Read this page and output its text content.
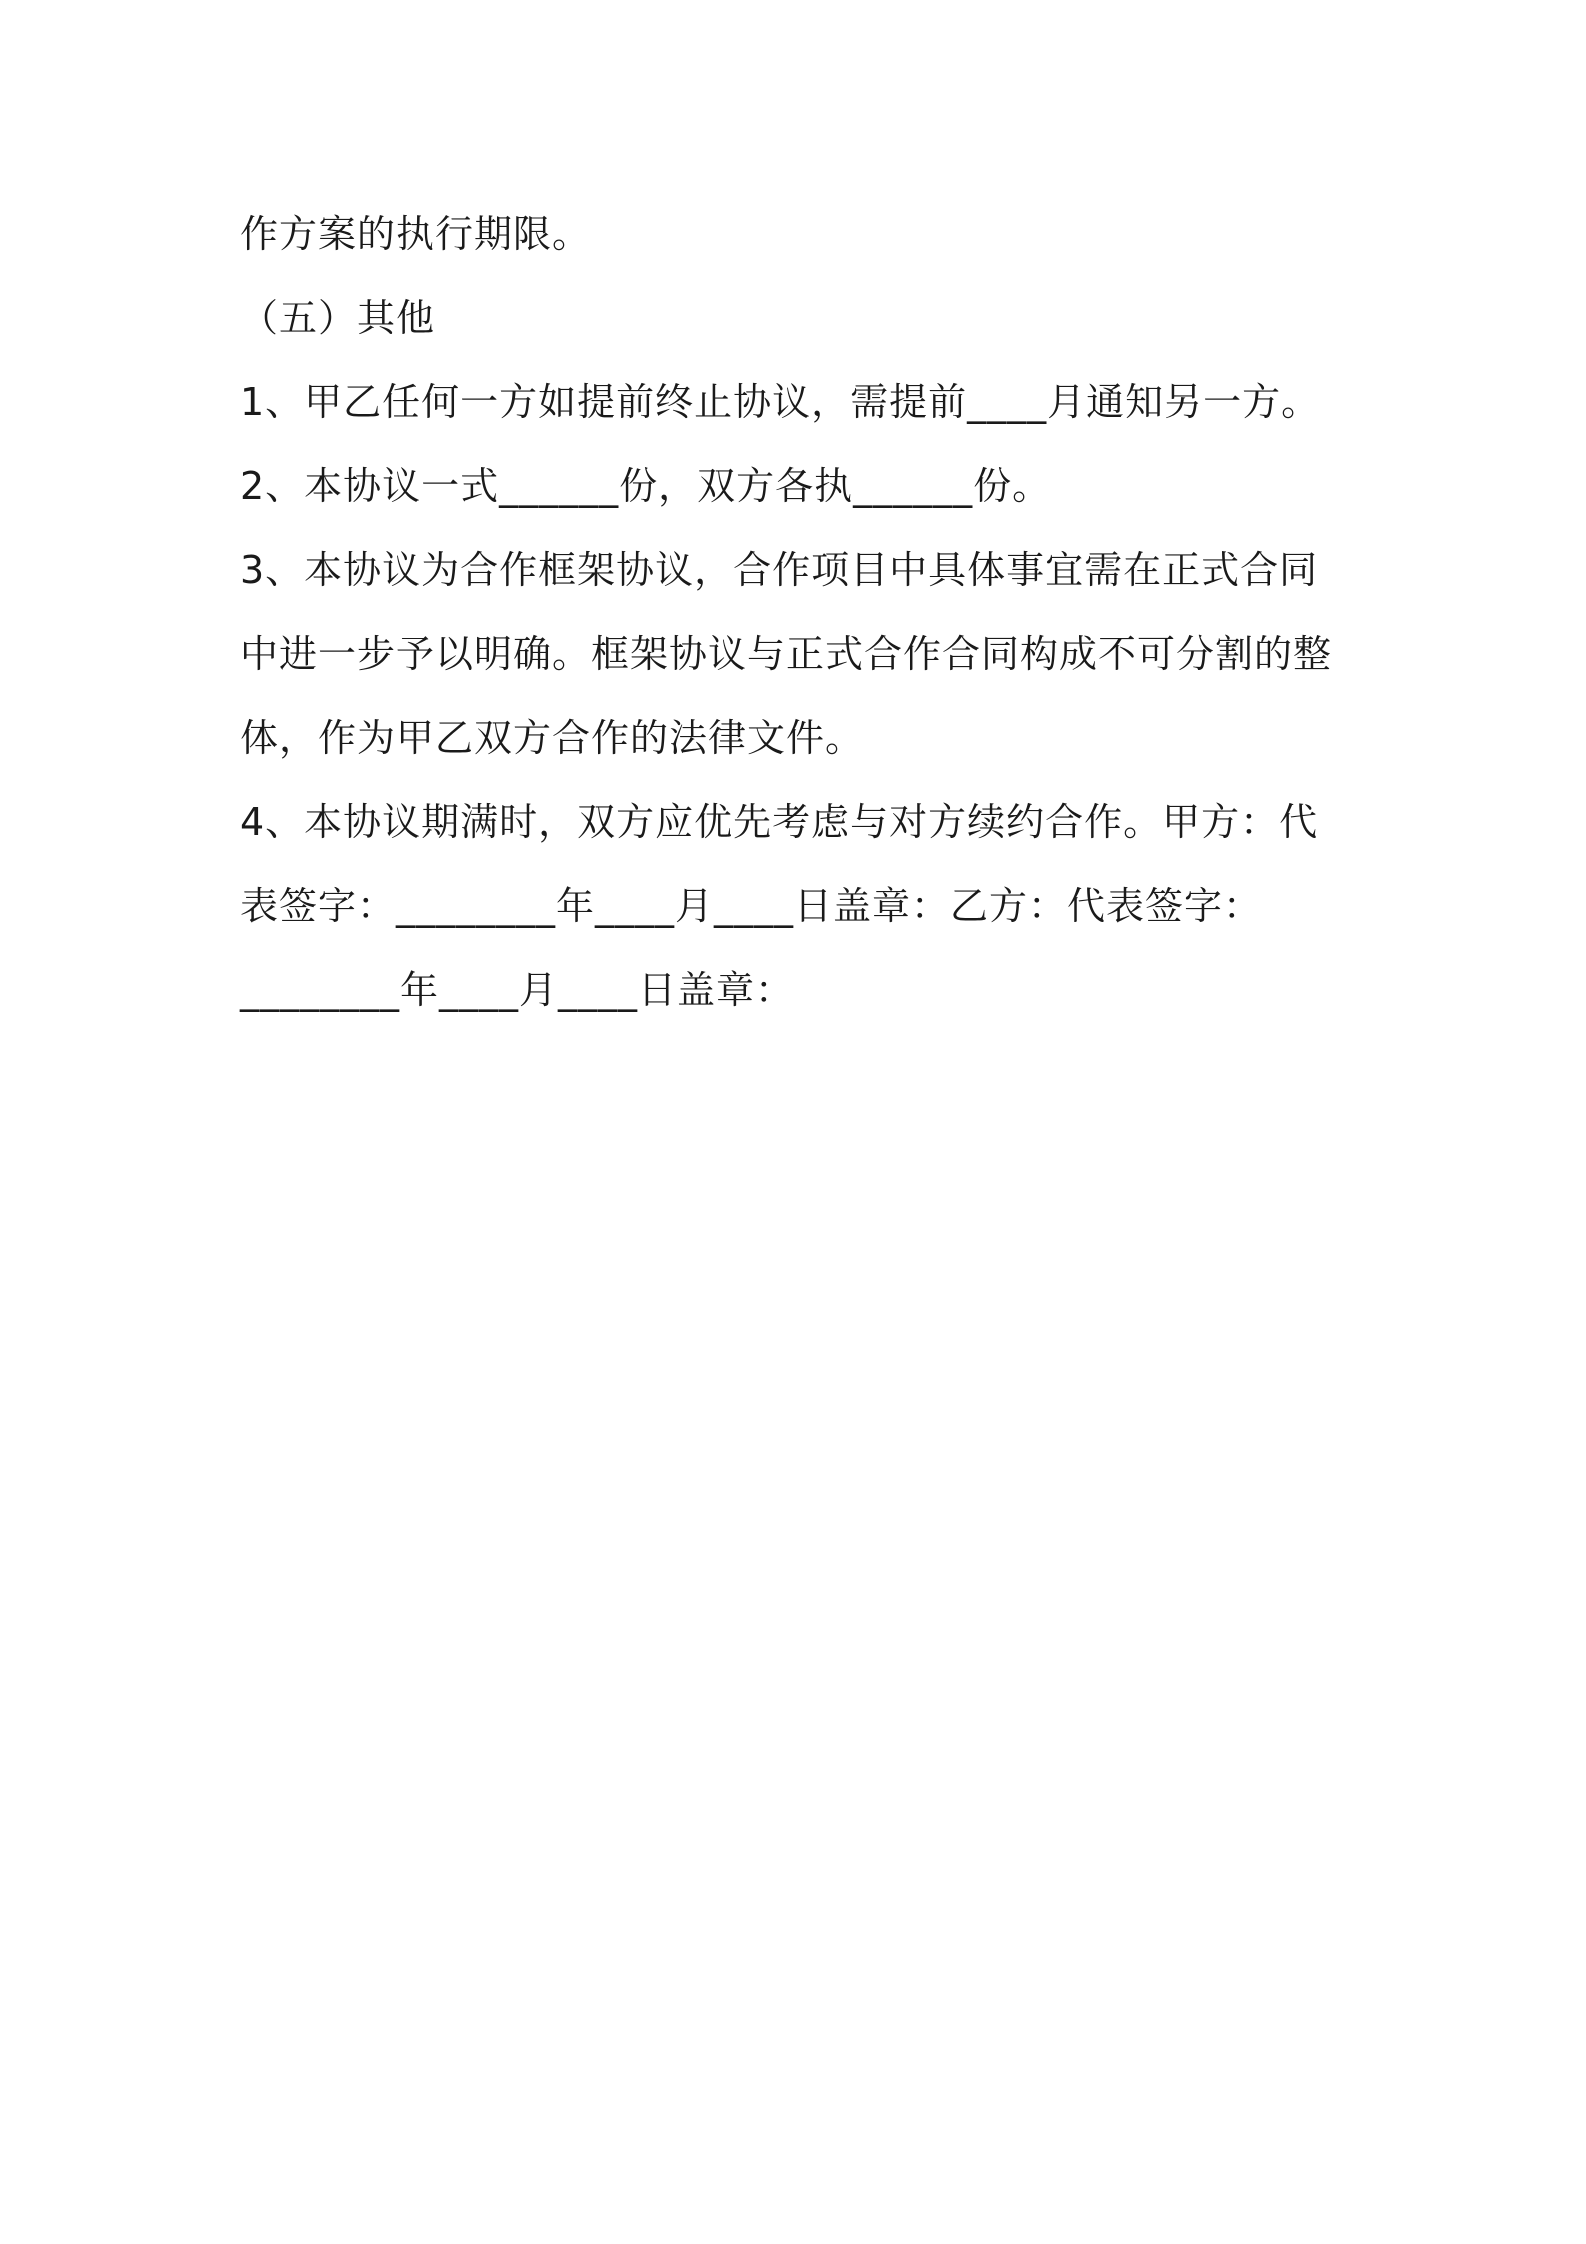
作方案的执行期限。
（五）其他
1、甲乙任何一方如提前终止协议，需提前____月通知另一方。
2、本协议一式______份，双方各执______份。
3、本协议为合作框架协议，合作项目中具体事宜需在正式合同
中进一步予以明确。框架协议与正式合作合同构成不可分割的整
体，作为甲乙双方合作的法律文件。
4、本协议期满时，双方应优先考虑与对方续约合作。甲方：代
表签字：________年____月____日盖章：乙方：代表签字：
________年____月____日盖章：
